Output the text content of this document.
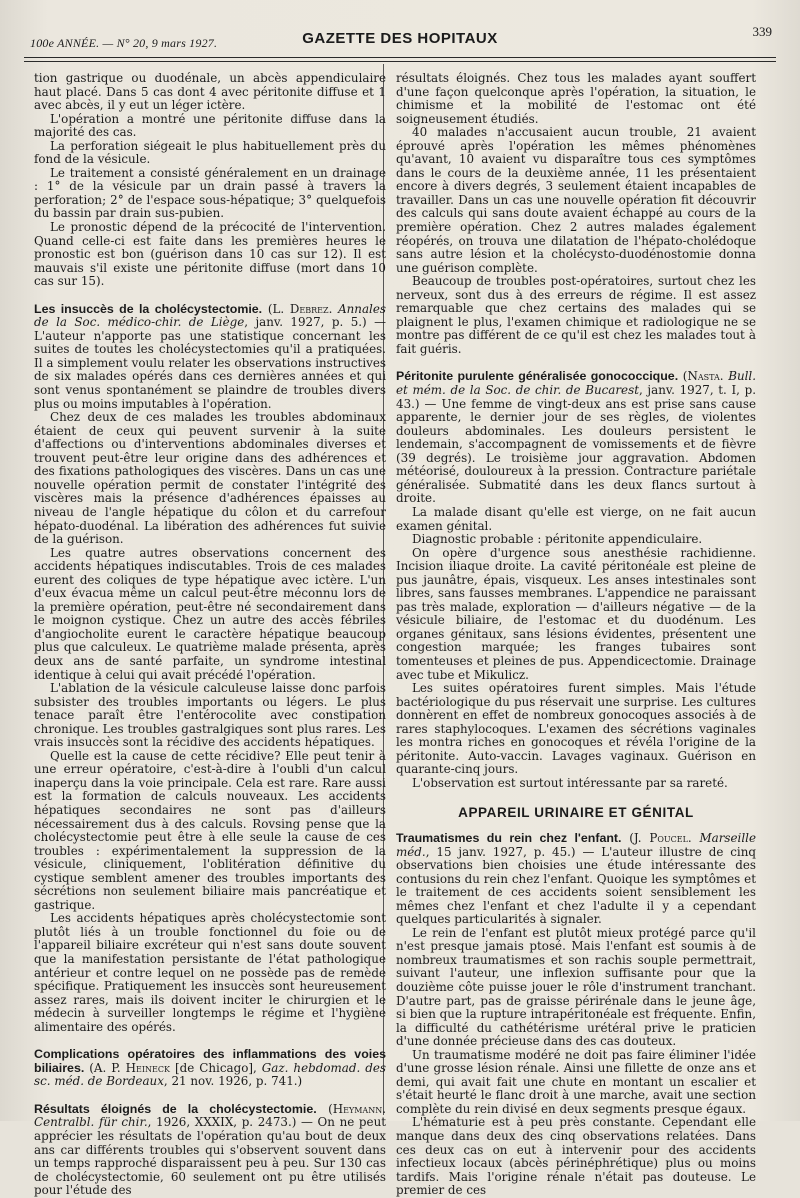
100e ANNÉE. — N° 20, 9 mars 1927.	GAZETTE DES HOPITAUX	339

tion gastrique ou duodénale, un abcès appendiculaire haut placé. Dans 5 cas dont 4 avec péritonite diffuse et 1 avec abcès, il y eut un léger ictère.

L'opération a montré une péritonite diffuse dans la majorité des cas.

La perforation siégeait le plus habituellement près du fond de la vésicule.

Le traitement a consisté généralement en un drainage : 1° de la vésicule par un drain passé à travers la perforation; 2° de l'espace sous-hépatique; 3° quelquefois du bassin par drain sus-pubien.

Le pronostic dépend de la précocité de l'intervention. Quand celle-ci est faite dans les premières heures le pronostic est bon (guérison dans 10 cas sur 12). Il est mauvais s'il existe une péritonite diffuse (mort dans 10 cas sur 15).

Les insuccès de la cholécystectomie. (L. Debrez. Annales de la Soc. médico-chir. de Liège, janv. 1927, p. 5.) — L'auteur n'apporte pas une statistique concernant les suites de toutes les cholécystectomies qu'il a pratiquées. Il a simplement voulu relater les observations instructives de six malades opérés dans ces dernières années et qui sont venus spontanément se plaindre de troubles divers plus ou moins imputables à l'opération.

Chez deux de ces malades les troubles abdominaux étaient de ceux qui peuvent survenir à la suite d'affections ou d'interventions abdominales diverses et trouvent peut-être leur origine dans des adhérences et des fixations pathologiques des viscères. Dans un cas une nouvelle opération permit de constater l'intégrité des viscères mais la présence d'adhérences épaisses au niveau de l'angle hépatique du côlon et du carrefour hépato-duodénal. La libération des adhérences fut suivie de la guérison.

Les quatre autres observations concernent des accidents hépatiques indiscutables. Trois de ces malades eurent des coliques de type hépatique avec ictère. L'un d'eux évacua même un calcul peut-être méconnu lors de la première opération, peut-être né secondairement dans le moignon cystique. Chez un autre des accès fébriles d'angiocholite eurent le caractère hépatique beaucoup plus que calculeux. Le quatrième malade présenta, après deux ans de santé parfaite, un syndrome intestinal identique à celui qui avait précédé l'opération.

L'ablation de la vésicule calculeuse laisse donc parfois subsister des troubles importants ou légers. Le plus tenace paraît être l'entérocolite avec constipation chronique. Les troubles gastralgiques sont plus rares. Les vrais insuccès sont la récidive des accidents hépatiques.

Quelle est la cause de cette récidive? Elle peut tenir à une erreur opératoire, c'est-à-dire à l'oubli d'un calcul inaperçu dans la voie principale. Cela est rare. Rare aussi est la formation de calculs nouveaux. Les accidents hépatiques secondaires ne sont pas d'ailleurs nécessairement dus à des calculs. Rovsing pense que la cholécystectomie peut être à elle seule la cause de ces troubles : expérimentalement la suppression de la vésicule, cliniquement, l'oblitération définitive du cystique semblent amener des troubles importants des sécrétions non seulement biliaire mais pancréatique et gastrique.

Les accidents hépatiques après cholécystectomie sont plutôt liés à un trouble fonctionnel du foie ou de l'appareil biliaire excréteur qui n'est sans doute souvent que la manifestation persistante de l'état pathologique antérieur et contre lequel on ne possède pas de remède spécifique. Pratiquement les insuccès sont heureusement assez rares, mais ils doivent inciter le chirurgien et le médecin à surveiller longtemps le régime et l'hygiène alimentaire des opérés.

Complications opératoires des inflammations des voies biliaires. (A. P. Heineck [de Chicago], Gaz. hebdomad. des sc. méd. de Bordeaux, 21 nov. 1926, p. 741.)

Résultats éloignés de la cholécystectomie. (Heymann. Centralbl. für chir., 1926, XXXIX, p. 2473.) — On ne peut apprécier les résultats de l'opération qu'au bout de deux ans car différents troubles qui s'observent souvent dans un temps rapproché disparaissent peu à peu. Sur 130 cas de cholécystectomie, 60 seulement ont pu être utilisés pour l'étude des

résultats éloignés. Chez tous les malades ayant souffert d'une façon quelconque après l'opération, la situation, le chimisme et la mobilité de l'estomac ont été soigneusement étudiés.

40 malades n'accusaient aucun trouble, 21 avaient éprouvé après l'opération les mêmes phénomènes qu'avant, 10 avaient vu disparaître tous ces symptômes dans le cours de la deuxième année, 11 les présentaient encore à divers degrés, 3 seulement étaient incapables de travailler. Dans un cas une nouvelle opération fit découvrir des calculs qui sans doute avaient échappé au cours de la première opération. Chez 2 autres malades également réopérés, on trouva une dilatation de l'hépato-cholédoque sans autre lésion et la cholécysto-duodénostomie donna une guérison complète.

Beaucoup de troubles post-opératoires, surtout chez les nerveux, sont dus à des erreurs de régime. Il est assez remarquable que chez certains des malades qui se plaignent le plus, l'examen chimique et radiologique ne se montre pas différent de ce qu'il est chez les malades tout à fait guéris.

Péritonite purulente généralisée gonococcique. (Nasta. Bull. et mém. de la Soc. de chir. de Bucarest, janv. 1927, t. I, p. 43.) — Une femme de vingt-deux ans est prise sans cause apparente, le dernier jour de ses règles, de violentes douleurs abdominales. Les douleurs persistent le lendemain, s'accompagnent de vomissements et de fièvre (39 degrés). Le troisième jour aggravation. Abdomen météorisé, douloureux à la pression. Contracture pariétale généralisée. Submatité dans les deux flancs surtout à droite.

La malade disant qu'elle est vierge, on ne fait aucun examen génital.

Diagnostic probable : péritonite appendiculaire.

On opère d'urgence sous anesthésie rachidienne. Incision iliaque droite. La cavité péritonéale est pleine de pus jaunâtre, épais, visqueux. Les anses intestinales sont libres, sans fausses membranes. L'appendice ne paraissant pas très malade, exploration — d'ailleurs négative — de la vésicule biliaire, de l'estomac et du duodénum. Les organes génitaux, sans lésions évidentes, présentent une congestion marquée; les franges tubaires sont tomenteuses et pleines de pus. Appendicectomie. Drainage avec tube et Mikulicz.

Les suites opératoires furent simples. Mais l'étude bactériologique du pus réservait une surprise. Les cultures donnèrent en effet de nombreux gonocoques associés à de rares staphylocoques. L'examen des sécrétions vaginales les montra riches en gonocoques et révéla l'origine de la péritonite. Auto-vaccin. Lavages vaginaux. Guérison en quarante-cinq jours.

L'observation est surtout intéressante par sa rareté.

APPAREIL URINAIRE ET GÉNITAL

Traumatismes du rein chez l'enfant. (J. Poucel. Marseille méd., 15 janv. 1927, p. 45.) — L'auteur illustre de cinq observations bien choisies une étude intéressante des contusions du rein chez l'enfant. Quoique les symptômes et le traitement de ces accidents soient sensiblement les mêmes chez l'enfant et chez l'adulte il y a cependant quelques particularités à signaler.

Le rein de l'enfant est plutôt mieux protégé parce qu'il n'est presque jamais ptosé. Mais l'enfant est soumis à de nombreux traumatismes et son rachis souple permettrait, suivant l'auteur, une inflexion suffisante pour que la douzième côte puisse jouer le rôle d'instrument tranchant. D'autre part, pas de graisse périrénale dans le jeune âge, si bien que la rupture intrapéritonéale est fréquente. Enfin, la difficulté du cathétérisme urétéral prive le praticien d'une donnée précieuse dans des cas douteux.

Un traumatisme modéré ne doit pas faire éliminer l'idée d'une grosse lésion rénale. Ainsi une fillette de onze ans et demi, qui avait fait une chute en montant un escalier et s'était heurté le flanc droit à une marche, avait une section complète du rein divisé en deux segments presque égaux.

L'hématurie est à peu près constante. Cependant elle manque dans deux des cinq observations relatées. Dans ces deux cas on eut à intervenir pour des accidents infectieux locaux (abcès périnéphrétique) plus ou moins tardifs. Mais l'origine rénale n'était pas douteuse. Le premier de ces
